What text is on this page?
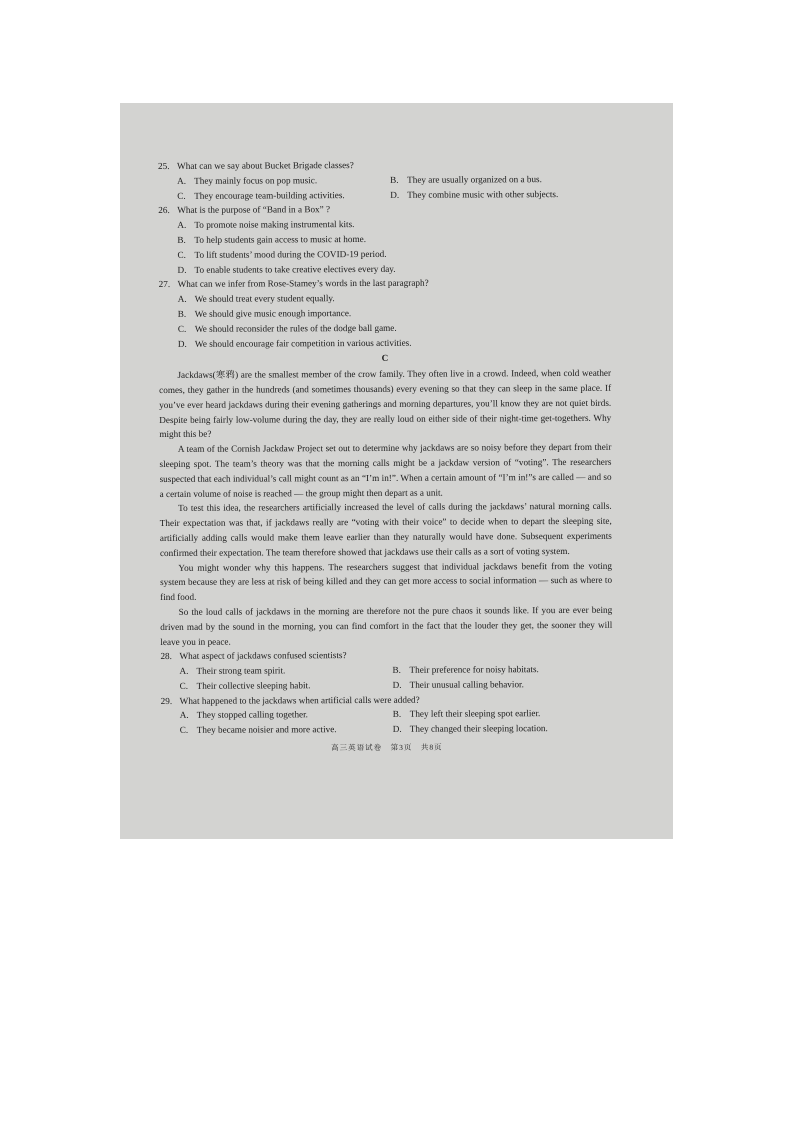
25. What can we say about Bucket Brigade classes?
A. They mainly focus on pop music.	B. They are usually organized on a bus.
C. They encourage team-building activities.	D. They combine music with other subjects.
26. What is the purpose of “Band in a Box” ?
A. To promote noise making instrumental kits.
B. To help students gain access to music at home.
C. To lift students’ mood during the COVID-19 period.
D. To enable students to take creative electives every day.
27. What can we infer from Rose-Stamey’s words in the last paragraph?
A. We should treat every student equally.
B. We should give music enough importance.
C. We should reconsider the rules of the dodge ball game.
D. We should encourage fair competition in various activities.
C
Jackdaws(寒鸦) are the smallest member of the crow family. They often live in a crowd. Indeed, when cold weather comes, they gather in the hundreds (and sometimes thousands) every evening so that they can sleep in the same place. If you’ve ever heard jackdaws during their evening gatherings and morning departures, you’ll know they are not quiet birds. Despite being fairly low-volume during the day, they are really loud on either side of their night-time get-togethers. Why might this be?
A team of the Cornish Jackdaw Project set out to determine why jackdaws are so noisy before they depart from their sleeping spot. The team’s theory was that the morning calls might be a jackdaw version of “voting”. The researchers suspected that each individual’s call might count as an “I’m in!”. When a certain amount of “I’m in!”s are called — and so a certain volume of noise is reached — the group might then depart as a unit.
To test this idea, the researchers artificially increased the level of calls during the jackdaws’ natural morning calls. Their expectation was that, if jackdaws really are “voting with their voice” to decide when to depart the sleeping site, artificially adding calls would make them leave earlier than they naturally would have done. Subsequent experiments confirmed their expectation. The team therefore showed that jackdaws use their calls as a sort of voting system.
You might wonder why this happens. The researchers suggest that individual jackdaws benefit from the voting system because they are less at risk of being killed and they can get more access to social information — such as where to find food.
So the loud calls of jackdaws in the morning are therefore not the pure chaos it sounds like. If you are ever being driven mad by the sound in the morning, you can find comfort in the fact that the louder they get, the sooner they will leave you in peace.
28. What aspect of jackdaws confused scientists?
A. Their strong team spirit.	B. Their preference for noisy habitats.
C. Their collective sleeping habit.	D. Their unusual calling behavior.
29. What happened to the jackdaws when artificial calls were added?
A. They stopped calling together.	B. They left their sleeping spot earlier.
C. They became noisier and more active.	D. They changed their sleeping location.
高三英语试卷　第3页　共8页
